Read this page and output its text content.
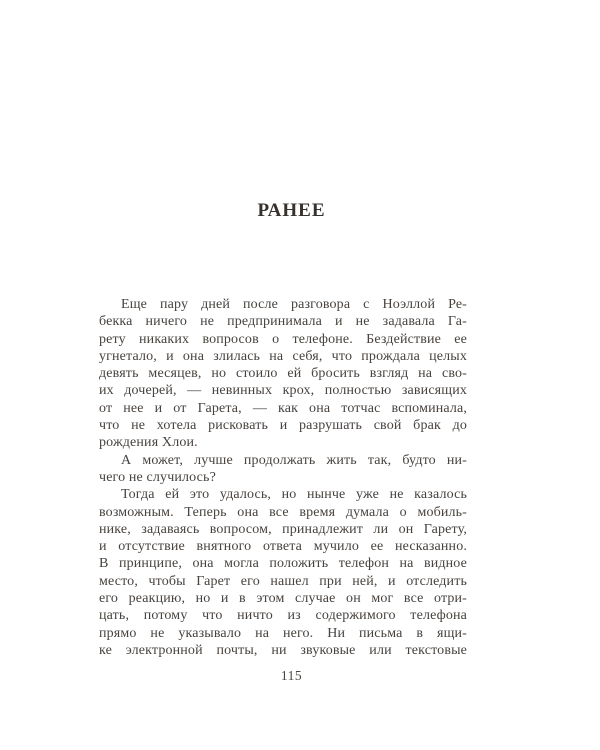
РАНЕЕ
Еще пару дней после разговора с Ноэллой Ре-
бекка ничего не предпринимала и не задавала Га-
рету никаких вопросов о телефоне. Бездействие ее
угнетало, и она злилась на себя, что прождала целых
девять месяцев, но стоило ей бросить взгляд на сво-
их дочерей, — невинных крох, полностью зависящих
от нее и от Гарета, — как она тотчас вспоминала,
что не хотела рисковать и разрушать свой брак до
рождения Хлои.
А может, лучше продолжать жить так, будто ни-
чего не случилось?
Тогда ей это удалось, но нынче уже не казалось
возможным. Теперь она все время думала о мобиль-
нике, задаваясь вопросом, принадлежит ли он Гарету,
и отсутствие внятного ответа мучило ее несказанно.
В принципе, она могла положить телефон на видное
место, чтобы Гарет его нашел при ней, и отследить
его реакцию, но и в этом случае он мог все отри-
цать, потому что ничто из содержимого телефона
прямо не указывало на него. Ни письма в ящи-
ке электронной почты, ни звуковые или текстовые
115
